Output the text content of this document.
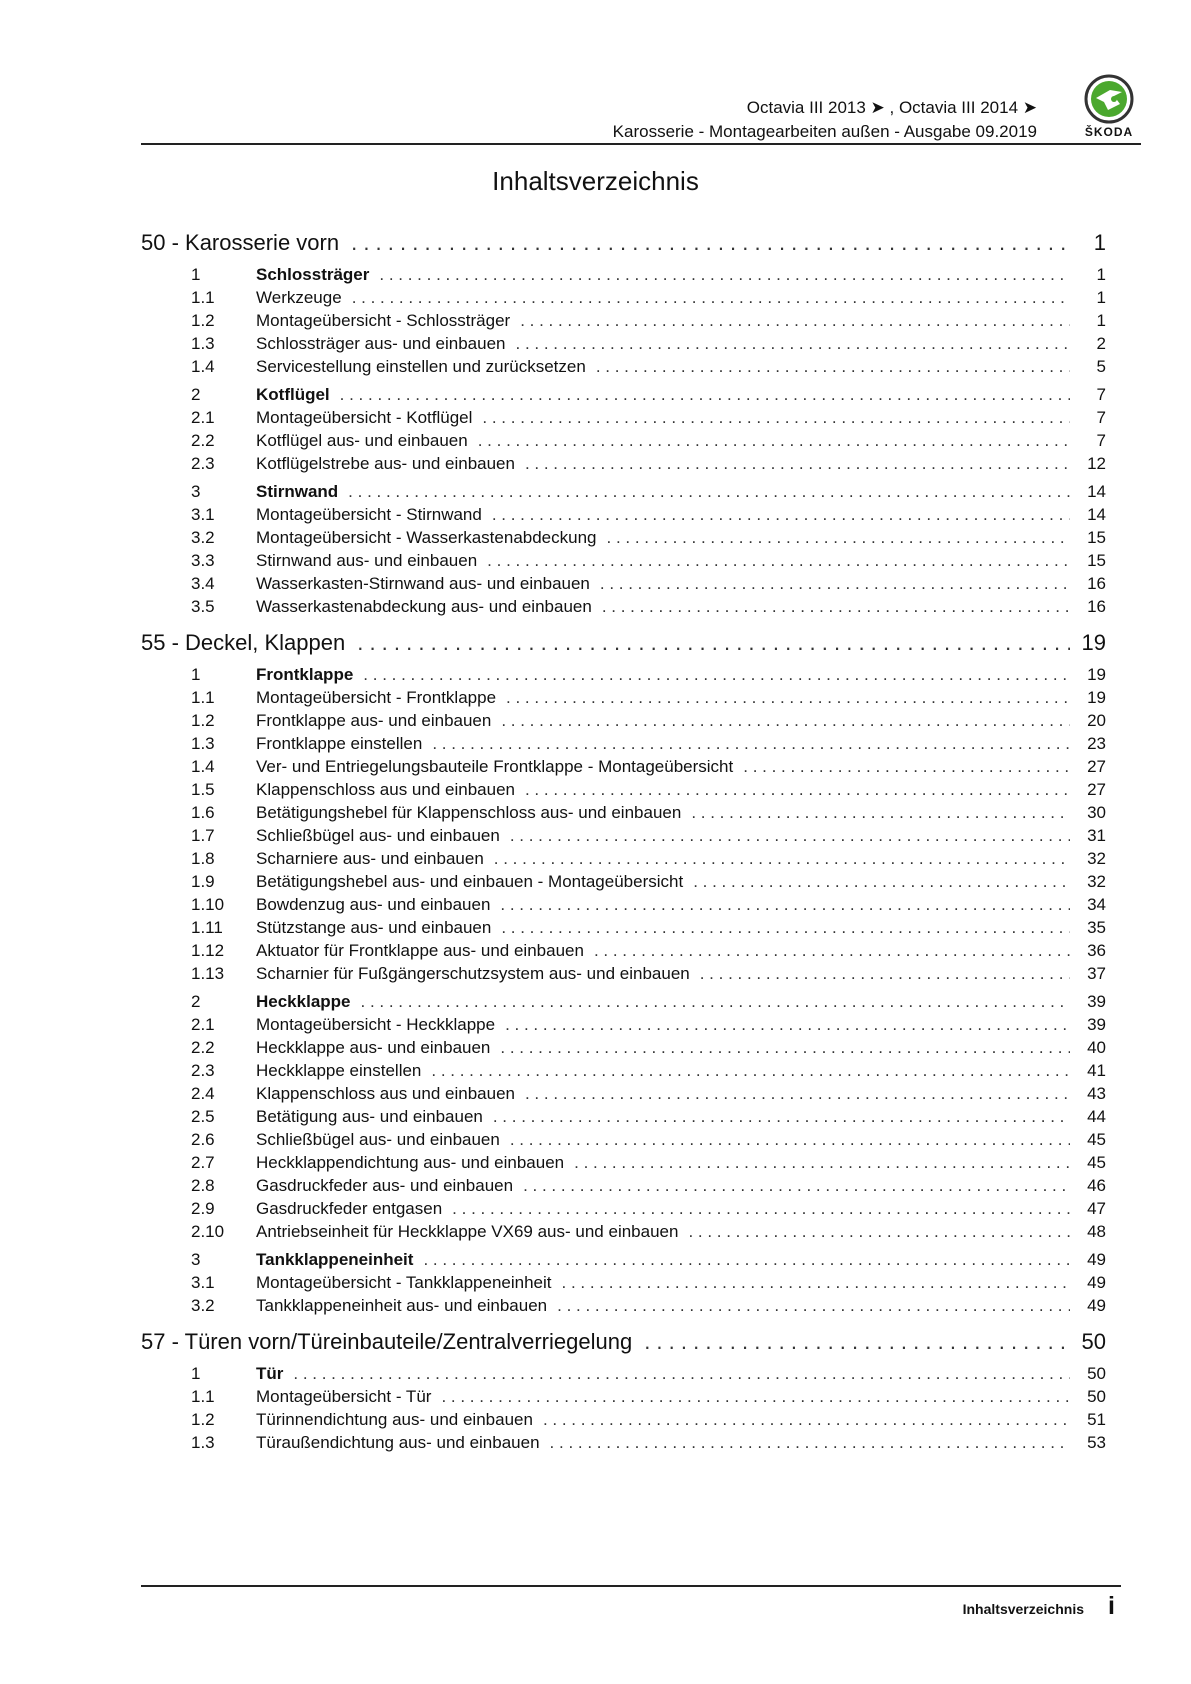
Octavia III 2013 ➤ , Octavia III 2014 ➤
Karosserie - Montagearbeiten außen - Ausgabe 09.2019	ŠKODA
Inhaltsverzeichnis
50 - Karosserie vorn . . .	1
1	Schlossträger . . .	1
1.1	Werkzeuge . . .	1
1.2	Montageübersicht - Schlossträger . . .	1
1.3	Schlossträger aus- und einbauen . . .	2
1.4	Servicestellung einstellen und zurücksetzen . . .	5
2	Kotflügel . . .	7
2.1	Montageübersicht - Kotflügel . . .	7
2.2	Kotflügel aus- und einbauen . . .	7
2.3	Kotflügelstrebe aus- und einbauen . . .	12
3	Stirnwand . . .	14
3.1	Montageübersicht - Stirnwand . . .	14
3.2	Montageübersicht - Wasserkastenabdeckung . . .	15
3.3	Stirnwand aus- und einbauen . . .	15
3.4	Wasserkasten-Stirnwand aus- und einbauen . . .	16
3.5	Wasserkastenabdeckung aus- und einbauen . . .	16
55 - Deckel, Klappen . . .	19
1	Frontklappe . . .	19
1.1	Montageübersicht - Frontklappe . . .	19
1.2	Frontklappe aus- und einbauen . . .	20
1.3	Frontklappe einstellen . . .	23
1.4	Ver- und Entriegelungsbauteile Frontklappe - Montageübersicht . . .	27
1.5	Klappenschloss aus und einbauen . . .	27
1.6	Betätigungshebel für Klappenschloss aus- und einbauen . . .	30
1.7	Schließbügel aus- und einbauen . . .	31
1.8	Scharniere aus- und einbauen . . .	32
1.9	Betätigungshebel aus- und einbauen - Montageübersicht . . .	32
1.10	Bowdenzug aus- und einbauen . . .	34
1.11	Stützstange aus- und einbauen . . .	35
1.12	Aktuator für Frontklappe aus- und einbauen . . .	36
1.13	Scharnier für Fußgängerschutzsystem aus- und einbauen . . .	37
2	Heckklappe . . .	39
2.1	Montageübersicht - Heckklappe . . .	39
2.2	Heckklappe aus- und einbauen . . .	40
2.3	Heckklappe einstellen . . .	41
2.4	Klappenschloss aus und einbauen . . .	43
2.5	Betätigung aus- und einbauen . . .	44
2.6	Schließbügel aus- und einbauen . . .	45
2.7	Heckklappendichtung aus- und einbauen . . .	45
2.8	Gasdruckfeder aus- und einbauen . . .	46
2.9	Gasdruckfeder entgasen . . .	47
2.10	Antriebseinheit für Heckklappe VX69 aus- und einbauen . . .	48
3	Tankklappeneinheit . . .	49
3.1	Montageübersicht - Tankklappeneinheit . . .	49
3.2	Tankklappeneinheit aus- und einbauen . . .	49
57 - Türen vorn/Türeinbauteile/Zentralverriegelung . . .	50
1	Tür . . .	50
1.1	Montageübersicht - Tür . . .	50
1.2	Türinnendichtung aus- und einbauen . . .	51
1.3	Türaußendichtung aus- und einbauen . . .	53
Inhaltsverzeichnis i
